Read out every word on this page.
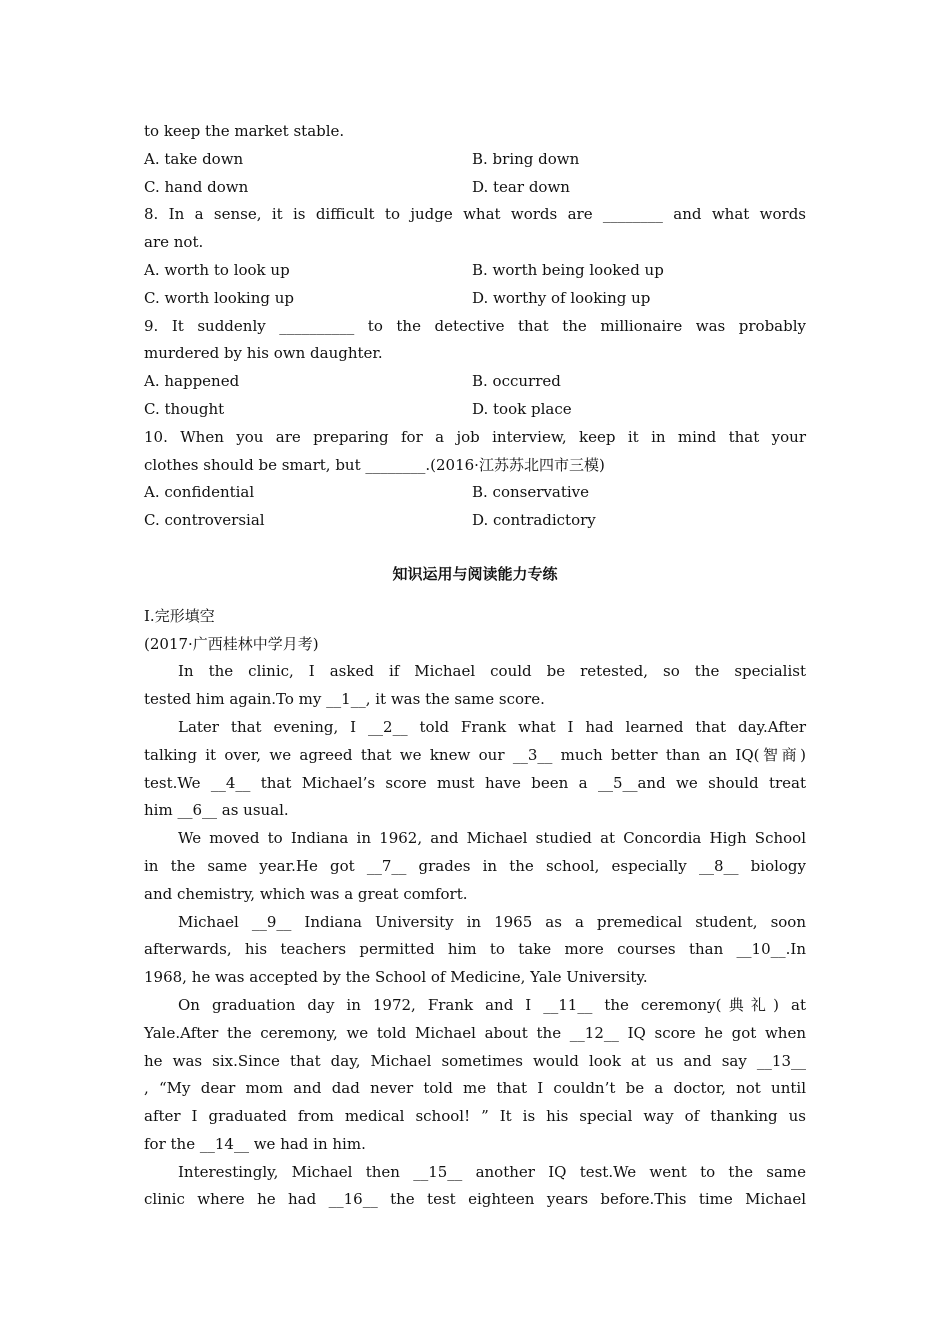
to keep the market stable.
A. take down	B. bring down
C. hand down	D. tear down
8. In a sense, it is difficult to judge what words are ________ and what words
are not.
A. worth to look up	B. worth being looked up
C. worth looking up	D. worthy of looking up
9. It suddenly __________ to the detective that the millionaire was probably
murdered by his own daughter.
A. happened	B. occurred
C. thought	D. took place
10. When you are preparing for a job interview, keep it in mind that your
clothes should be smart, but ________.(2016·江苏苏北四市三模)
A. confidential	B. conservative
C. controversial	D. contradictory
知识运用与阅读能力专练
Ⅰ.完形填空
(2017·广西桂林中学月考)
In the clinic, I asked if Michael could be retested, so the specialist
tested him again.To my __1__, it was the same score.
Later that evening, I __2__ told Frank what I had learned that day.After
talking it over, we agreed that we knew our __3__ much better than an IQ(智商)
test.We __4__ that Michael’s score must have been a __5__and we should treat
him __6__ as usual.
We moved to Indiana in 1962, and Michael studied at Concordia High School
in the same year.He got __7__ grades in the school, especially __8__ biology
and chemistry, which was a great comfort.
Michael __9__ Indiana University in 1965 as a premedical student, soon
afterwards, his teachers permitted him to take more courses than __10__.In
1968, he was accepted by the School of Medicine, Yale University.
On graduation day in 1972, Frank and I __11__ the ceremony(典礼) at
Yale.After the ceremony, we told Michael about the __12__ IQ score he got when
he was six.Since that day, Michael sometimes would look at us and say __13__
, “My dear mom and dad never told me that I couldn’t be a doctor, not until
after I graduated from medical school! ” It is his special way of thanking us
for the __14__ we had in him.
Interestingly, Michael then __15__ another IQ test.We went to the same
clinic where he had __16__ the test eighteen years before.This time Michael
